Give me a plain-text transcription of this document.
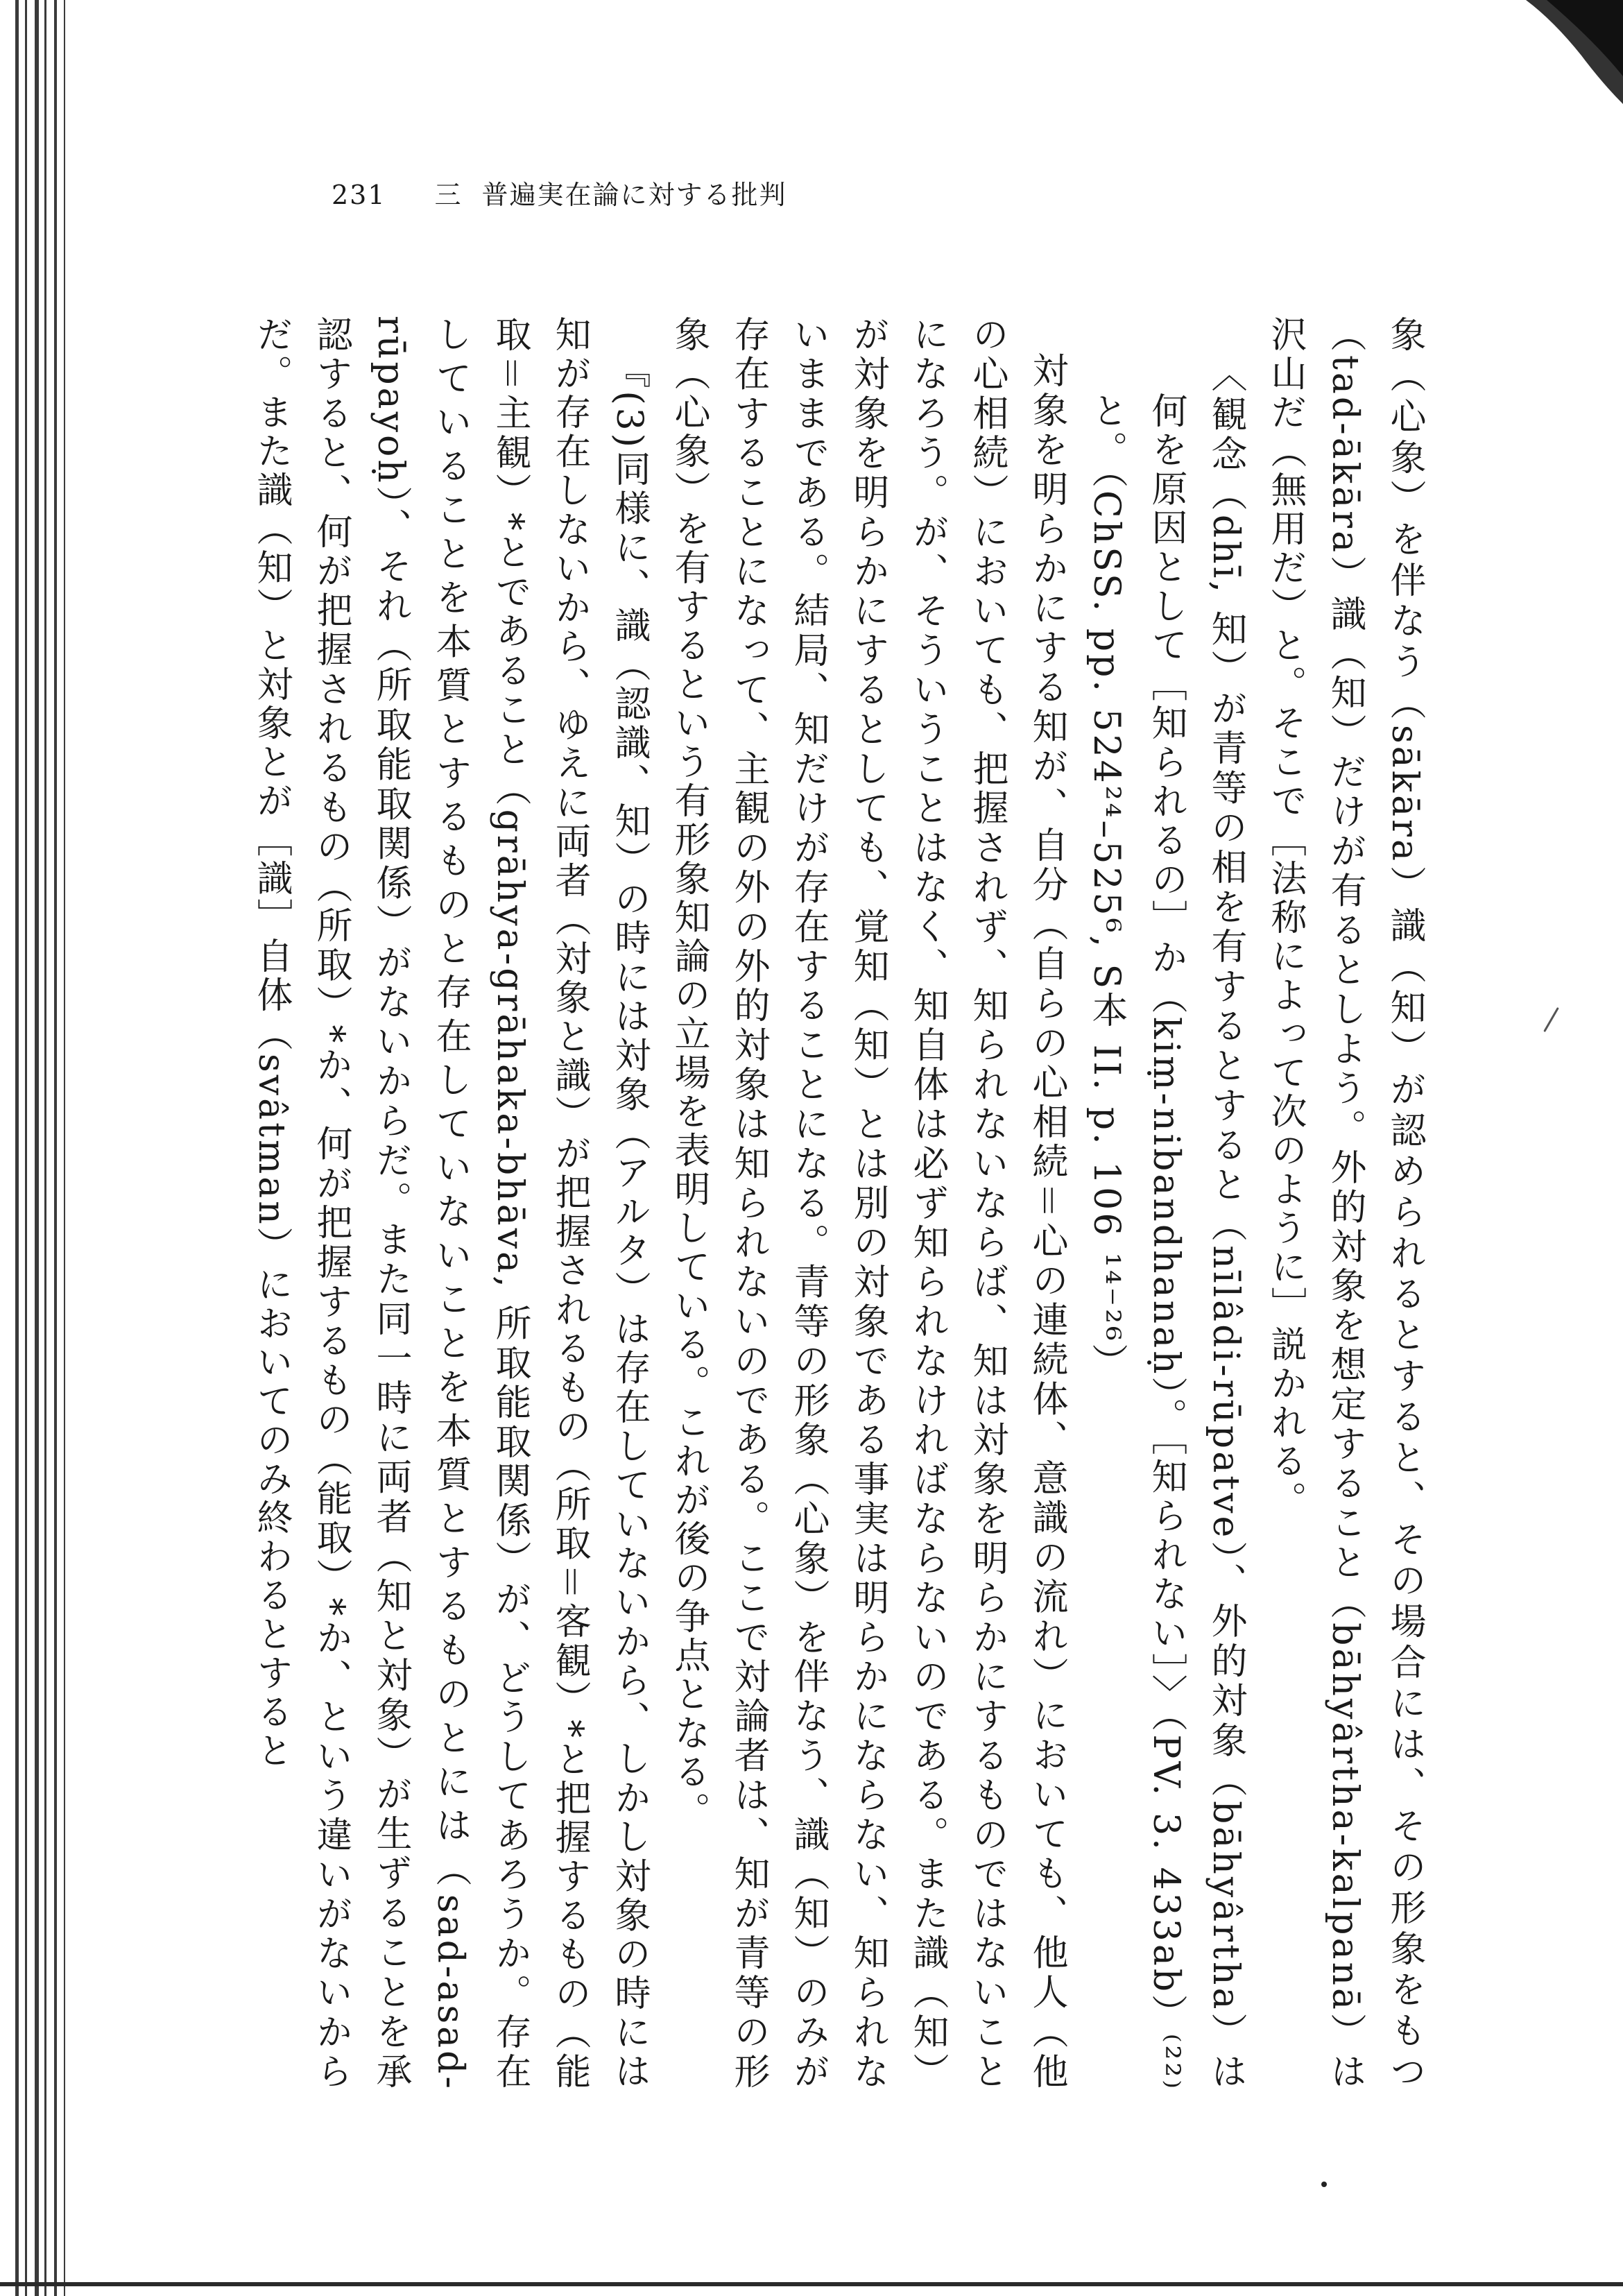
231 三 普遍実在論に対する批判

象（心象）を伴なう（sākāra）識（知）が認められるとすると、その場合には、その形象をもつ（tad-ākāra）識（知）だけが有るとしよう。外的対象を想定すること（bāhyârtha-kalpanā）は沢山だ（無用だ）と。そこで［法称によって次のように］説かれる。

〈観念（dhī, 知）が青等の相を有するとすると（nīlâdi-rūpatve）、外的対象（bāhyârtha）は何を原因として［知られるの］か（kiṃ-nibandhanaḥ）。［知られない］〉（PV. 3. 433ab）⁽²²⁾と。（ChSS. pp. 524²⁴–525⁶, S本 II. p. 106 ¹⁴⁻²⁶）

対象を明らかにする知が、自分（自らの心相続＝心の連続体、意識の流れ）においても、他人（他の心相続）においても、把握されず、知られないならば、知は対象を明らかにするものではないことになろう。が、そういうことはなく、知自体は必ず知られなければならないのである。また識（知）が対象を明らかにするとしても、覚知（知）とは別の対象である事実は明らかにならない、知られないままである。結局、知だけが存在することになる。青等の形象（心象）を伴なう、識（知）のみが存在することになって、主観の外の外的対象は知られないのである。ここで対論者は、知が青等の形象（心象）を有するという有形象知論の立場を表明している。これが後の争点となる。

『(3)同様に、識（認識、知）の時には対象（アルタ）は存在していないから、しかし対象の時には知が存在しないから、ゆえに両者（対象と識）が把握されるもの（所取＝客観）*と把握するもの（能取＝主観）*とであること（grāhya-grāhaka-bhāva, 所取能取関係）が、どうしてあろうか。存在していることを本質とするものと存在していないことを本質とするものとには（sad-asad-rūpayoḥ）、それ（所取能取関係）がないからだ。また同一時に両者（知と対象）が生ずることを承認すると、何が把握されるもの（所取）*か、何が把握するもの（能取）*か、という違いがないからだ。また識（知）と対象とが［識］自体（svâtman）においてのみ終わるとすると
